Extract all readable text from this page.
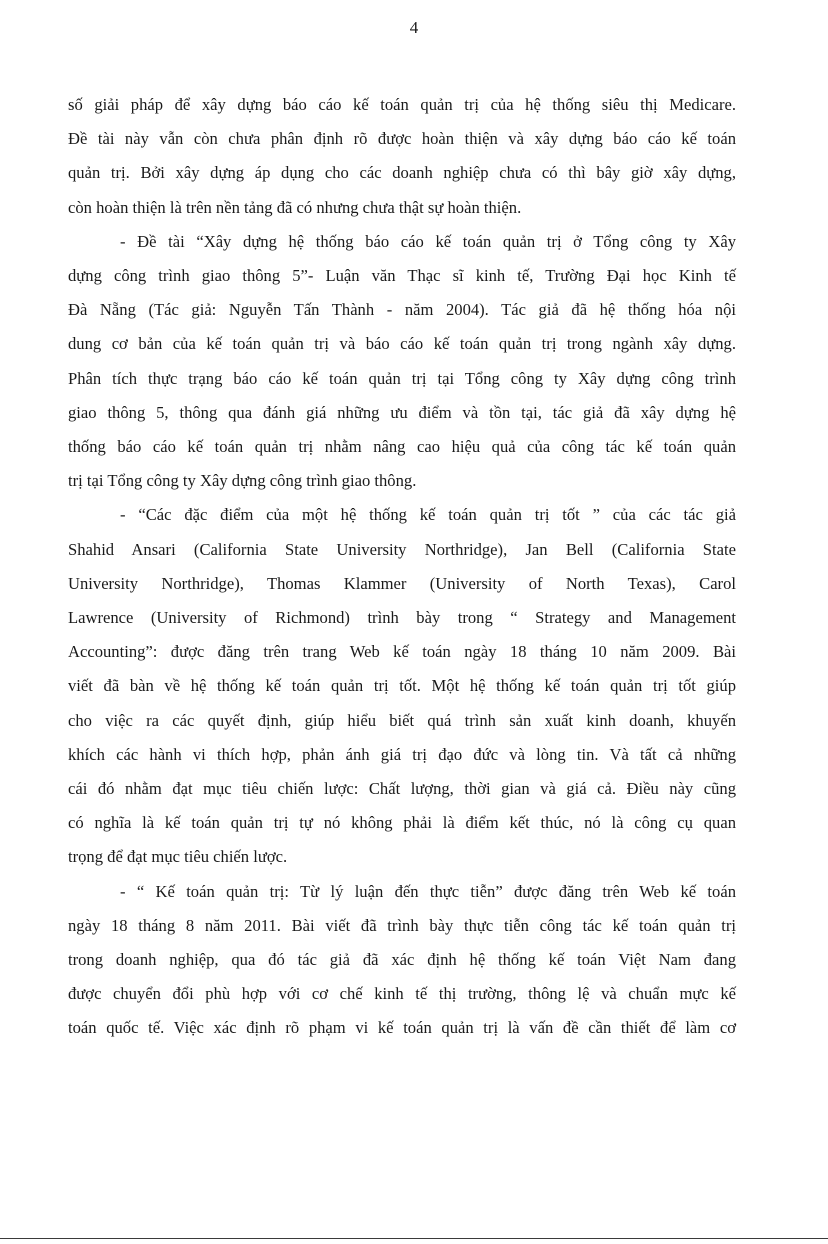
4
số giải pháp để xây dựng báo cáo kế toán quản trị của hệ thống siêu thị Medicare.
Đề tài này vẫn còn chưa phân định rõ được hoàn thiện và xây dựng báo cáo kế toán
quản trị. Bởi xây dựng áp dụng cho các doanh nghiệp chưa có thì bây giờ xây dựng,
còn hoàn thiện là trên nền tảng đã có nhưng chưa thật sự hoàn thiện.
- Đề tài “Xây dựng hệ thống báo cáo kế toán quản trị ở Tổng công ty Xây
dựng công trình giao thông 5”- Luận văn Thạc sĩ kinh tế, Trường Đại học Kinh tế
Đà Nẵng (Tác giả: Nguyễn Tấn Thành - năm 2004). Tác giả đã hệ thống hóa nội
dung cơ bản của kế toán quản trị và báo cáo kế toán quản trị trong ngành xây dựng.
Phân tích thực trạng báo cáo kế toán quản trị tại Tổng công ty Xây dựng công trình
giao thông 5, thông qua đánh giá những ưu điểm và tồn tại, tác giả đã xây dựng hệ
thống báo cáo kế toán quản trị nhằm nâng cao hiệu quả của công tác kế toán quản
trị tại Tổng công ty Xây dựng công trình giao thông.
- “Các đặc điểm của một hệ thống kế toán quản trị tốt ” của các tác giả
Shahid Ansari (California State University Northridge), Jan Bell (California State
University Northridge), Thomas Klammer (University of North Texas), Carol
Lawrence (University of Richmond) trình bày trong “ Strategy and Management
Accounting”: được đăng trên trang Web kế toán ngày 18 tháng 10 năm 2009. Bài
viết đã bàn về hệ thống kế toán quản trị tốt. Một hệ thống kế toán quản trị tốt giúp
cho việc ra các quyết định, giúp hiểu biết quá trình sản xuất kinh doanh, khuyến
khích các hành vi thích hợp, phản ánh giá trị đạo đức và lòng tin. Và tất cả những
cái đó nhằm đạt mục tiêu chiến lược: Chất lượng, thời gian và giá cả. Điều này cũng
có nghĩa là kế toán quản trị tự nó không phải là điểm kết thúc, nó là công cụ quan
trọng để đạt mục tiêu chiến lược.
- “ Kế toán quản trị: Từ lý luận đến thực tiễn” được đăng trên Web kế toán
ngày 18 tháng 8 năm 2011. Bài viết đã trình bày thực tiễn công tác kế toán quản trị
trong doanh nghiệp, qua đó tác giả đã xác định hệ thống kế toán Việt Nam đang
được chuyển đổi phù hợp với cơ chế kinh tế thị trường, thông lệ và chuẩn mực kế
toán quốc tế. Việc xác định rõ phạm vi kế toán quản trị là vấn đề cần thiết để làm cơ
